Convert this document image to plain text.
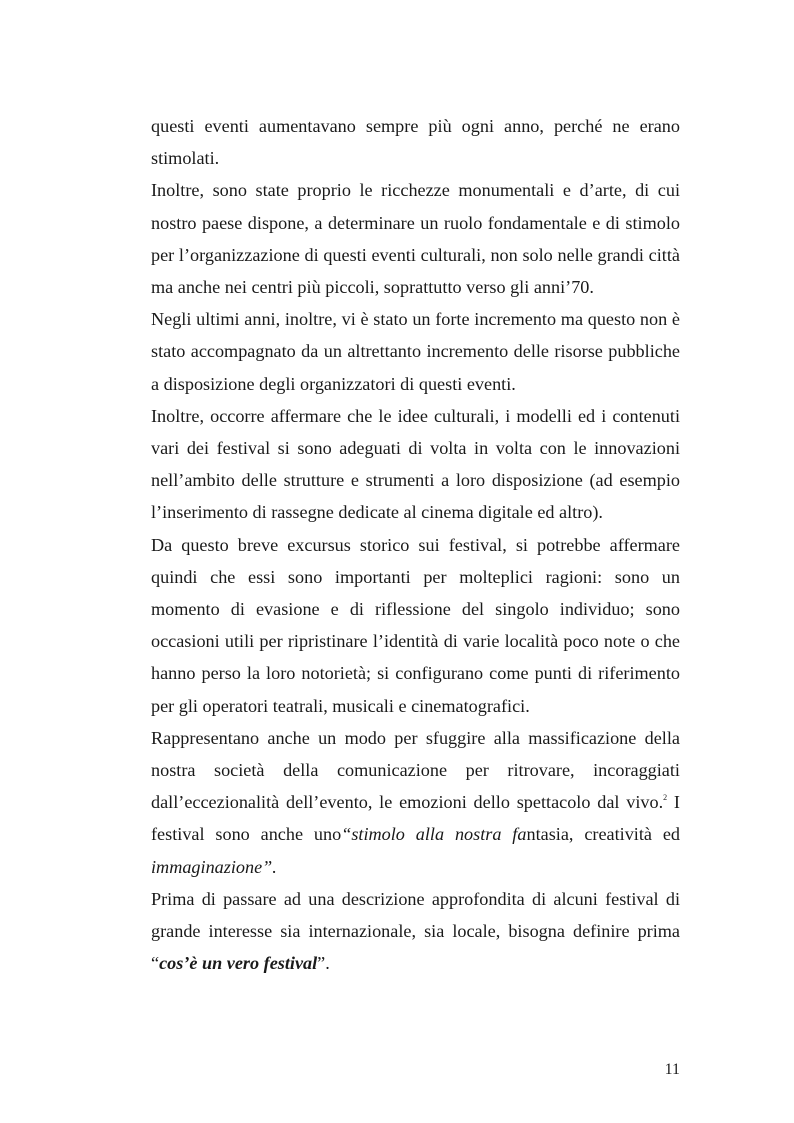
questi eventi aumentavano sempre più ogni anno, perché ne erano stimolati.

Inoltre, sono state proprio le ricchezze monumentali e d’arte, di cui nostro paese dispone, a determinare un ruolo fondamentale e di stimolo per l’organizzazione di questi eventi culturali, non solo nelle grandi città ma anche nei centri più piccoli, soprattutto verso gli anni’70.

Negli ultimi anni, inoltre, vi è stato un forte incremento ma questo non è stato accompagnato da un altrettanto incremento delle risorse pubbliche a disposizione degli organizzatori di questi eventi.

Inoltre, occorre affermare che le idee culturali, i modelli ed i contenuti vari dei festival si sono adeguati di volta in volta con le innovazioni nell’ambito delle strutture e strumenti a loro disposizione (ad esempio l’inserimento di rassegne dedicate al cinema digitale ed altro).

Da questo breve excursus storico sui festival, si potrebbe affermare quindi che essi sono importanti per molteplici ragioni: sono un momento di evasione e di riflessione del singolo individuo; sono occasioni utili per ripristinare l’identità di varie località poco note o che hanno perso la loro notorietà; si configurano come punti di riferimento per gli operatori teatrali, musicali e cinematografici.

Rappresentano anche un modo per sfuggire alla massificazione della nostra società della comunicazione per ritrovare, incoraggiati dall’eccezionalità dell’evento, le emozioni dello spettacolo dal vivo.$^2$ I festival sono anche uno“stimolo alla nostra fantasia, creatività ed immaginazione”.

Prima di passare ad una descrizione approfondita di alcuni festival di grande interesse sia internazionale, sia locale, bisogna definire prima “cos’è un vero festival”.

11
